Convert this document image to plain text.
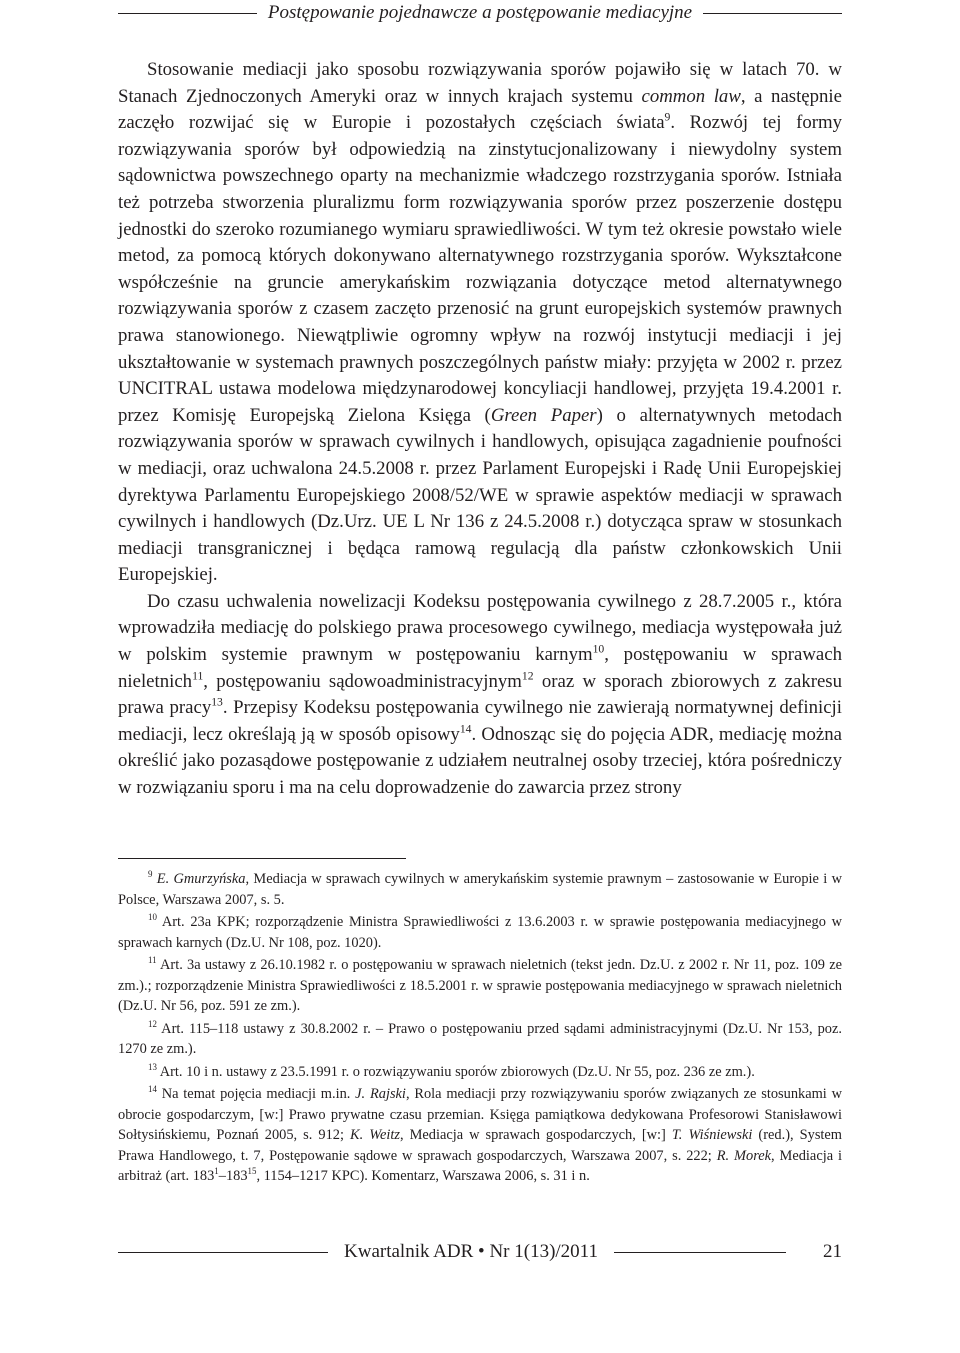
Postępowanie pojednawcze a postępowanie mediacyjne

Stosowanie mediacji jako sposobu rozwiązywania sporów pojawiło się w latach 70. w Stanach Zjednoczonych Ameryki oraz w innych krajach systemu common law, a następnie zaczęło rozwijać się w Europie i pozostałych częściach świata$^9$. Rozwój tej formy rozwiązywania sporów był odpowiedzią na zinstytucjonalizowany i niewydolny system sądownictwa powszechnego oparty na mechanizmie władczego rozstrzygania sporów. Istniała też potrzeba stworzenia pluralizmu form rozwiązywania sporów przez poszerzenie dostępu jednostki do szeroko rozumianego wymiaru sprawiedliwości. W tym też okresie powstało wiele metod, za pomocą których dokonywano alternatywnego rozstrzygania sporów. Wykształcone współcześnie na gruncie amerykańskim rozwiązania dotyczące metod alternatywnego rozwiązywania sporów z czasem zaczęto przenosić na grunt europejskich systemów prawnych prawa stanowionego. Niewątpliwie ogromny wpływ na rozwój instytucji mediacji i jej ukształtowanie w systemach prawnych poszczególnych państw miały: przyjęta w 2002 r. przez UNCITRAL ustawa modelowa międzynarodowej koncyliacji handlowej, przyjęta 19.4.2001 r. przez Komisję Europejską Zielona Księga (Green Paper) o alternatywnych metodach rozwiązywania sporów w sprawach cywilnych i handlowych, opisująca zagadnienie poufności w mediacji, oraz uchwalona 24.5.2008 r. przez Parlament Europejski i Radę Unii Europejskiej dyrektywa Parlamentu Europejskiego 2008/52/WE w sprawie aspektów mediacji w sprawach cywilnych i handlowych (Dz.Urz. UE L Nr 136 z 24.5.2008 r.) dotycząca spraw w stosunkach mediacji transgranicznej i będąca ramową regulacją dla państw członkowskich Unii Europejskiej.

Do czasu uchwalenia nowelizacji Kodeksu postępowania cywilnego z 28.7.2005 r., która wprowadziła mediację do polskiego prawa procesowego cywilnego, mediacja występowała już w polskim systemie prawnym w postępowaniu karnym$^{10}$, postępowaniu w sprawach nieletnich$^{11}$, postępowaniu sądowoadministracyjnym$^{12}$ oraz w sporach zbiorowych z zakresu prawa pracy$^{13}$. Przepisy Kodeksu postępowania cywilnego nie zawierają normatywnej definicji mediacji, lecz określają ją w sposób opisowy$^{14}$. Odnosząc się do pojęcia ADR, mediację można określić jako pozasądowe postępowanie z udziałem neutralnej osoby trzeciej, która pośredniczy w rozwiązaniu sporu i ma na celu doprowadzenie do zawarcia przez strony

$^9$ E. Gmurzyńska, Mediacja w sprawach cywilnych w amerykańskim systemie prawnym – zastosowanie w Europie i w Polsce, Warszawa 2007, s. 5.

$^{10}$ Art. 23a KPK; rozporządzenie Ministra Sprawiedliwości z 13.6.2003 r. w sprawie postępowania mediacyjnego w sprawach karnych (Dz.U. Nr 108, poz. 1020).

$^{11}$ Art. 3a ustawy z 26.10.1982 r. o postępowaniu w sprawach nieletnich (tekst jedn. Dz.U. z 2002 r. Nr 11, poz. 109 ze zm.).; rozporządzenie Ministra Sprawiedliwości z 18.5.2001 r. w sprawie postępowania mediacyjnego w sprawach nieletnich (Dz.U. Nr 56, poz. 591 ze zm.).

$^{12}$ Art. 115–118 ustawy z 30.8.2002 r. – Prawo o postępowaniu przed sądami administracyjnymi (Dz.U. Nr 153, poz. 1270 ze zm.).

$^{13}$ Art. 10 i n. ustawy z 23.5.1991 r. o rozwiązywaniu sporów zbiorowych (Dz.U. Nr 55, poz. 236 ze zm.).

$^{14}$ Na temat pojęcia mediacji m.in. J. Rajski, Rola mediacji przy rozwiązywaniu sporów związanych ze stosunkami w obrocie gospodarczym, [w:] Prawo prywatne czasu przemian. Księga pamiątkowa dedykowana Profesorowi Stanisławowi Sołtysińskiemu, Poznań 2005, s. 912; K. Weitz, Mediacja w sprawach gospodarczych, [w:] T. Wiśniewski (red.), System Prawa Handlowego, t. 7, Postępowanie sądowe w sprawach gospodarczych, Warszawa 2007, s. 222; R. Morek, Mediacja i arbitraż (art. $183^1-183^{15}$, 1154–1217 KPC). Komentarz, Warszawa 2006, s. 31 i n.

Kwartalnik ADR • Nr 1(13)/2011	21
